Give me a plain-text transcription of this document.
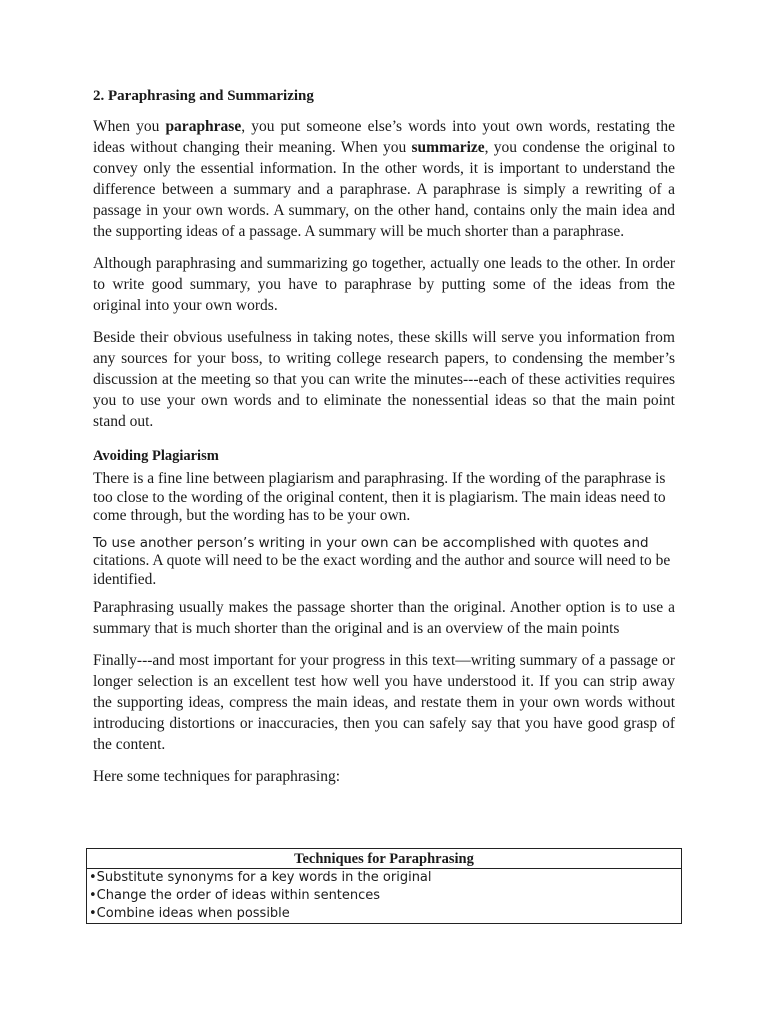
2. Paraphrasing and Summarizing

When you paraphrase, you put someone else’s words into yout own words, restating the ideas without changing their meaning. When you summarize, you condense the original to convey only the essential information. In the other words, it is important to understand the difference between a summary and a paraphrase. A paraphrase is simply a rewriting of a passage in your own words. A summary, on the other hand, contains only the main idea and the supporting ideas of a passage. A summary will be much shorter than a paraphrase.

Although paraphrasing and summarizing go together, actually one leads to the other. In order to write good summary, you have to paraphrase by putting some of the ideas from the original into your own words.

Beside their obvious usefulness in taking notes, these skills will serve you information from any sources for your boss, to writing college research papers, to condensing the member’s discussion at the meeting so that you can write the minutes---each of these activities requires you to use your own words and to eliminate the nonessential ideas so that the main point stand out.

Avoiding Plagiarism

There is a fine line between plagiarism and paraphrasing. If the wording of the paraphrase is too close to the wording of the original content, then it is plagiarism. The main ideas need to come through, but the wording has to be your own.

To use another person’s writing in your own can be accomplished with quotes and citations. A quote will need to be the exact wording and the author and source will need to be identified.

Paraphrasing usually makes the passage shorter than the original. Another option is to use a summary that is much shorter than the original and is an overview of the main points

Finally---and most important for your progress in this text—writing summary of a passage or longer selection is an excellent test how well you have understood it. If you can strip away the supporting ideas, compress the main ideas, and restate them in your own words without introducing distortions or inaccuracies, then you can safely say that you have good grasp of the content.

Here some techniques for paraphrasing:

Techniques for Paraphrasing
•Substitute synonyms for a key words in the original
•Change the order of ideas within sentences
•Combine ideas when possible
